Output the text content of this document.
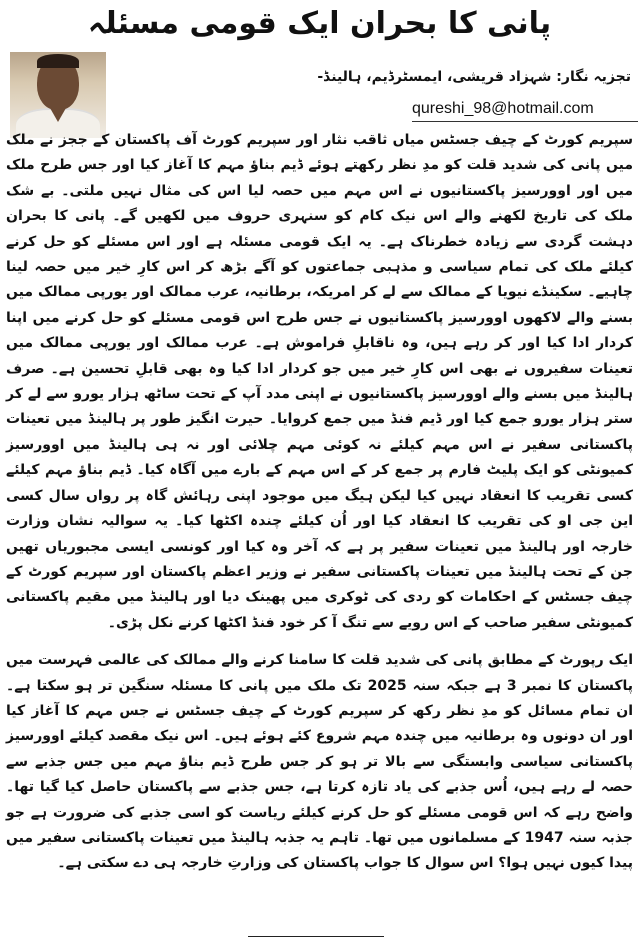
پانی کا بحران ایک قومی مسئلہ
تجزیہ نگار: شہزاد قریشی، ایمسٹرڈیم، ہالینڈ-
qureshi_98@hotmail.com

سپریم کورٹ کے چیف جسٹس میاں ثاقب نثار اور سپریم کورٹ آف پاکستان کے ججز نے ملک میں پانی کی شدید قلت کو مدِ نظر رکھتے ہوئے ڈیم بناؤ مہم کا آغاز کیا اور جس طرح ملک میں اور اوورسیز پاکستانیوں نے اس مہم میں حصہ لیا اس کی مثال نہیں ملتی۔ بے شک ملک کی تاریخ لکھنے والے اس نیک کام کو سنہری حروف میں لکھیں گے۔ پانی کا بحران دہشت گردی سے زیادہ خطرناک ہے۔ یہ ایک قومی مسئلہ ہے اور اس مسئلے کو حل کرنے کیلئے ملک کی تمام سیاسی و مذہبی جماعتوں کو آگے بڑھ کر اس کارِ خیر میں حصہ لینا چاہیے۔ سکینڈے نیویا کے ممالک سے لے کر امریکہ، برطانیہ، عرب ممالک اور یورپی ممالک میں بسنے والے لاکھوں اوورسیز پاکستانیوں نے جس طرح اس قومی مسئلے کو حل کرنے میں اپنا کردار ادا کیا اور کر رہے ہیں، وہ ناقابلِ فراموش ہے۔ عرب ممالک اور یورپی ممالک میں تعینات سفیروں نے بھی اس کارِ خیر میں جو کردار ادا کیا وہ بھی قابلِ تحسین ہے۔ صرف ہالینڈ میں بسنے والے اوورسیز پاکستانیوں نے اپنی مدد آپ کے تحت ساٹھ ہزار یورو سے لے کر ستر ہزار یورو جمع کیا اور ڈیم فنڈ میں جمع کروایا۔ حیرت انگیز طور پر ہالینڈ میں تعینات پاکستانی سفیر نے اس مہم کیلئے نہ کوئی مہم چلائی اور نہ ہی ہالینڈ میں اوورسیز کمیونٹی کو ایک پلیٹ فارم پر جمع کر کے اس مہم کے بارے میں آگاہ کیا۔ ڈیم بناؤ مہم کیلئے کسی تقریب کا انعقاد نہیں کیا لیکن ہیگ میں موجود اپنی رہائش گاہ پر رواں سال کسی این جی او کی تقریب کا انعقاد کیا اور اُن کیلئے چندہ اکٹھا کیا۔ یہ سوالیہ نشان وزارت خارجہ اور ہالینڈ میں تعینات سفیر پر ہے کہ آخر وہ کیا اور کونسی ایسی مجبوریاں تھیں جن کے تحت ہالینڈ میں تعینات پاکستانی سفیر نے وزیر اعظم پاکستان اور سپریم کورٹ کے چیف جسٹس کے احکامات کو ردی کی ٹوکری میں پھینک دیا اور ہالینڈ میں مقیم پاکستانی کمیونٹی سفیر صاحب کے اس رویے سے تنگ آ کر خود فنڈ اکٹھا کرنے نکل پڑی۔

ایک رپورٹ کے مطابق پانی کی شدید قلت کا سامنا کرنے والے ممالک کی عالمی فہرست میں پاکستان کا نمبر 3 ہے جبکہ سنہ 2025 تک ملک میں پانی کا مسئلہ سنگین تر ہو سکتا ہے۔ ان تمام مسائل کو مدِ نظر رکھ کر سپریم کورٹ کے چیف جسٹس نے جس مہم کا آغاز کیا اور ان دونوں وہ برطانیہ میں چندہ مہم شروع کئے ہوئے ہیں۔ اس نیک مقصد کیلئے اوورسیز پاکستانی سیاسی وابستگی سے بالا تر ہو کر جس طرح ڈیم بناؤ مہم میں جس جذبے سے حصہ لے رہے ہیں، اُس جذبے کی یاد تازہ کرتا ہے، جس جذبے سے پاکستان حاصل کیا گیا تھا۔ واضح رہے کہ اس قومی مسئلے کو حل کرنے کیلئے ریاست کو اسی جذبے کی ضرورت ہے جو جذبہ سنہ 1947 کے مسلمانوں میں تھا۔ تاہم یہ جذبہ ہالینڈ میں تعینات پاکستانی سفیر میں پیدا کیوں نہیں ہوا؟ اس سوال کا جواب پاکستان کی وزارتِ خارجہ ہی دے سکتی ہے۔
